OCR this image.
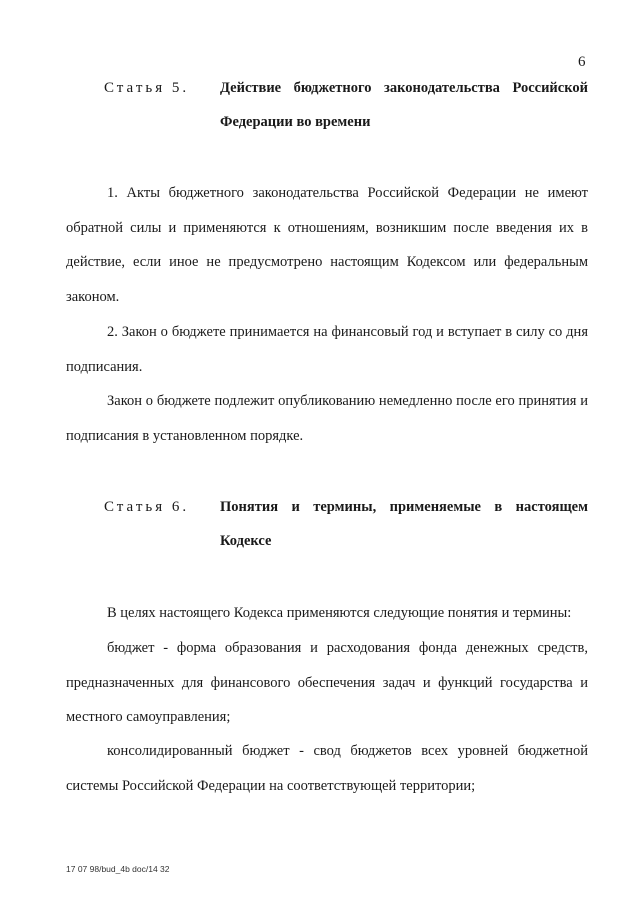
6
Статья 5. Действие бюджетного законодательства Российской
Федерации во времени

1. Акты бюджетного законодательства Российской Федерации не имеют обратной силы и применяются к отношениям, возникшим после введения их в действие, если иное не предусмотрено настоящим Кодексом или федеральным законом.

2. Закон о бюджете принимается на финансовый год и вступает в силу со дня подписания.

Закон о бюджете подлежит опубликованию немедленно после его принятия и подписания в установленном порядке.

Статья 6. Понятия и термины, применяемые в настоящем
Кодексе

В целях настоящего Кодекса применяются следующие понятия и термины:

бюджет - форма образования и расходования фонда денежных средств, предназначенных для финансового обеспечения задач и функций государства и местного самоуправления;

консолидированный бюджет - свод бюджетов всех уровней бюджетной системы Российской Федерации на соответствующей территории;

17 07 98/bud_4b doc/14 32
